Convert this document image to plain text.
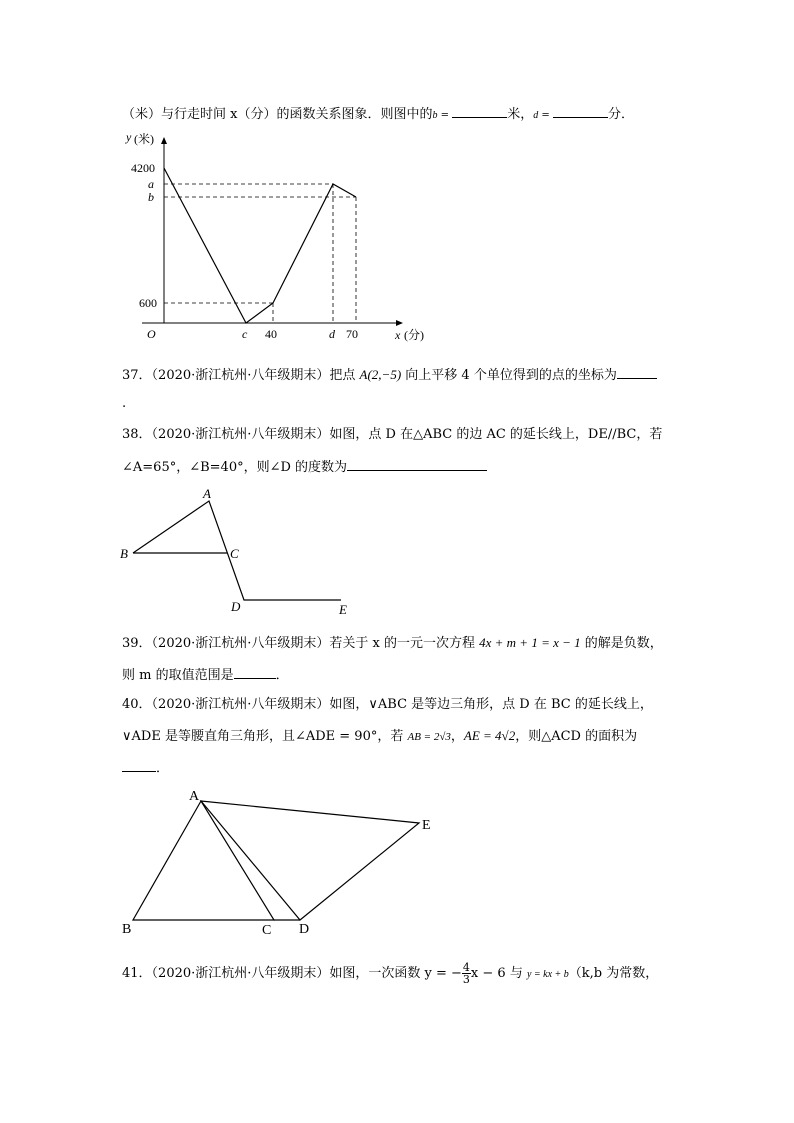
（米）与行走时间 x（分）的函数关系图象．则图中的b =	米，d =	分．
y (米)
4200
a
b
600
O	c 40	d 70	x (分)
37．（2020·浙江杭州·八年级期末）把点 A(2,−5) 向上平移 4 个单位得到的点的坐标为
.
38．（2020·浙江杭州·八年级期末）如图，点 D 在△ABC 的边 AC 的延长线上，DE//BC，若
∠A=65°，∠B=40°，则∠D 的度数为
A
B	C
D	E
39．（2020·浙江杭州·八年级期末）若关于 x 的一元一次方程 4x + m + 1 = x − 1 的解是负数，
则 m 的取值范围是	．
40．（2020·浙江杭州·八年级期末）如图，∨ABC 是等边三角形，点 D 在 BC 的延长线上，
∨ADE 是等腰直角三角形，且∠ADE = 90°，若 AB = 2√3，AE = 4√2，则△ACD 的面积为
．
A
B	C D
E
41．（2020·浙江杭州·八年级期末）如图，一次函数 y = − $\frac{4}{3}$ x − 6 与 y = kx + b（k,b 为常数，
